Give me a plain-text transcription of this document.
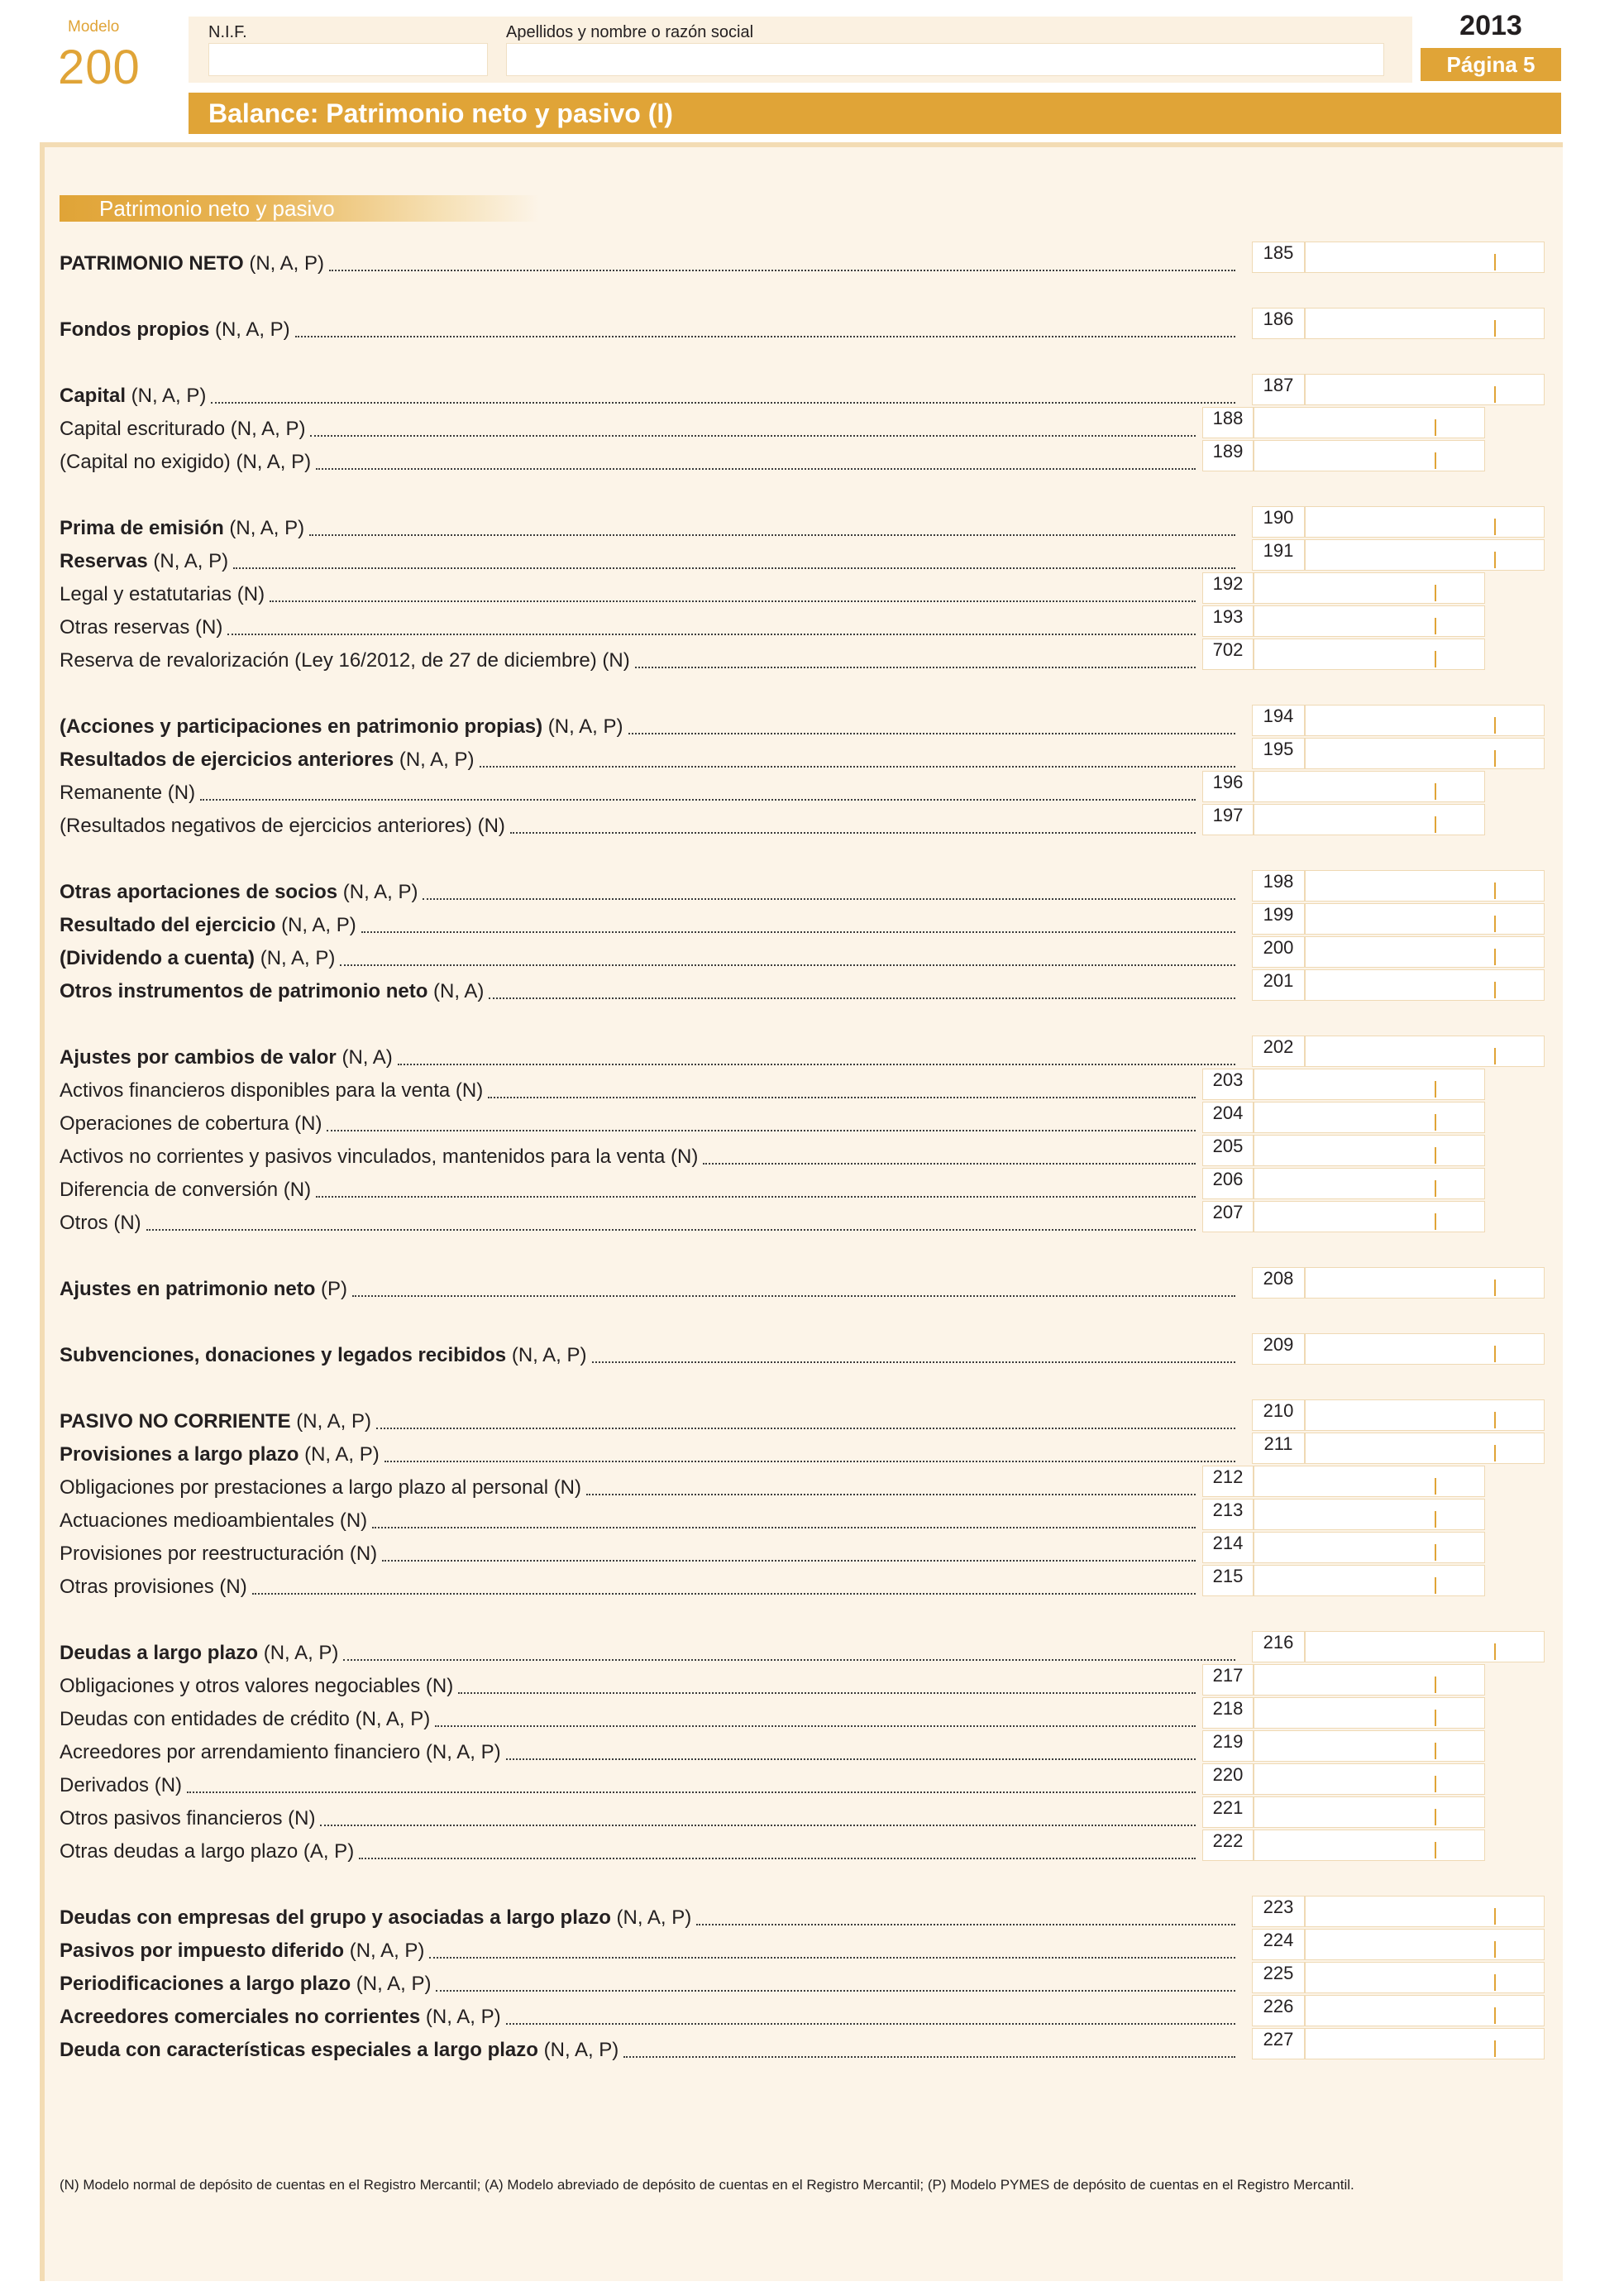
Modelo
200
N.I.F.	Apellidos y nombre o razón social	2013
Página 5
Balance: Patrimonio neto y pasivo (I)
Patrimonio neto y pasivo
PATRIMONIO NETO (N, A, P)	185
Fondos propios (N, A, P)	186
Capital (N, A, P)	187
Capital escriturado (N, A, P)	188
(Capital no exigido) (N, A, P)	189
Prima de emisión (N, A, P)	190
Reservas (N, A, P)	191
Legal y estatutarias (N)	192
Otras reservas (N)	193
Reserva de revalorización (Ley 16/2012, de 27 de diciembre) (N)	702
(Acciones y participaciones en patrimonio propias) (N, A, P)	194
Resultados de ejercicios anteriores (N, A, P)	195
Remanente (N)	196
(Resultados negativos de ejercicios anteriores) (N)	197
Otras aportaciones de socios (N, A, P)	198
Resultado del ejercicio (N, A, P)	199
(Dividendo a cuenta) (N, A, P)	200
Otros instrumentos de patrimonio neto (N, A)	201
Ajustes por cambios de valor (N, A)	202
Activos financieros disponibles para la venta (N)	203
Operaciones de cobertura (N)	204
Activos no corrientes y pasivos vinculados, mantenidos para la venta (N)	205
Diferencia de conversión (N)	206
Otros (N)	207
Ajustes en patrimonio neto (P)	208
Subvenciones, donaciones y legados recibidos (N, A, P)	209
PASIVO NO CORRIENTE (N, A, P)	210
Provisiones a largo plazo (N, A, P)	211
Obligaciones por prestaciones a largo plazo al personal (N)	212
Actuaciones medioambientales (N)	213
Provisiones por reestructuración (N)	214
Otras provisiones (N)	215
Deudas a largo plazo (N, A, P)	216
Obligaciones y otros valores negociables (N)	217
Deudas con entidades de crédito (N, A, P)	218
Acreedores por arrendamiento financiero (N, A, P)	219
Derivados (N)	220
Otros pasivos financieros (N)	221
Otras deudas a largo plazo (A, P)	222
Deudas con empresas del grupo y asociadas a largo plazo (N, A, P)	223
Pasivos por impuesto diferido (N, A, P)	224
Periodificaciones a largo plazo (N, A, P)	225
Acreedores comerciales no corrientes (N, A, P)	226
Deuda con características especiales a largo plazo (N, A, P)	227
(N) Modelo normal de depósito de cuentas en el Registro Mercantil; (A) Modelo abreviado de depósito de cuentas en el Registro Mercantil; (P) Modelo PYMES de depósito de cuentas en el Registro Mercantil.
